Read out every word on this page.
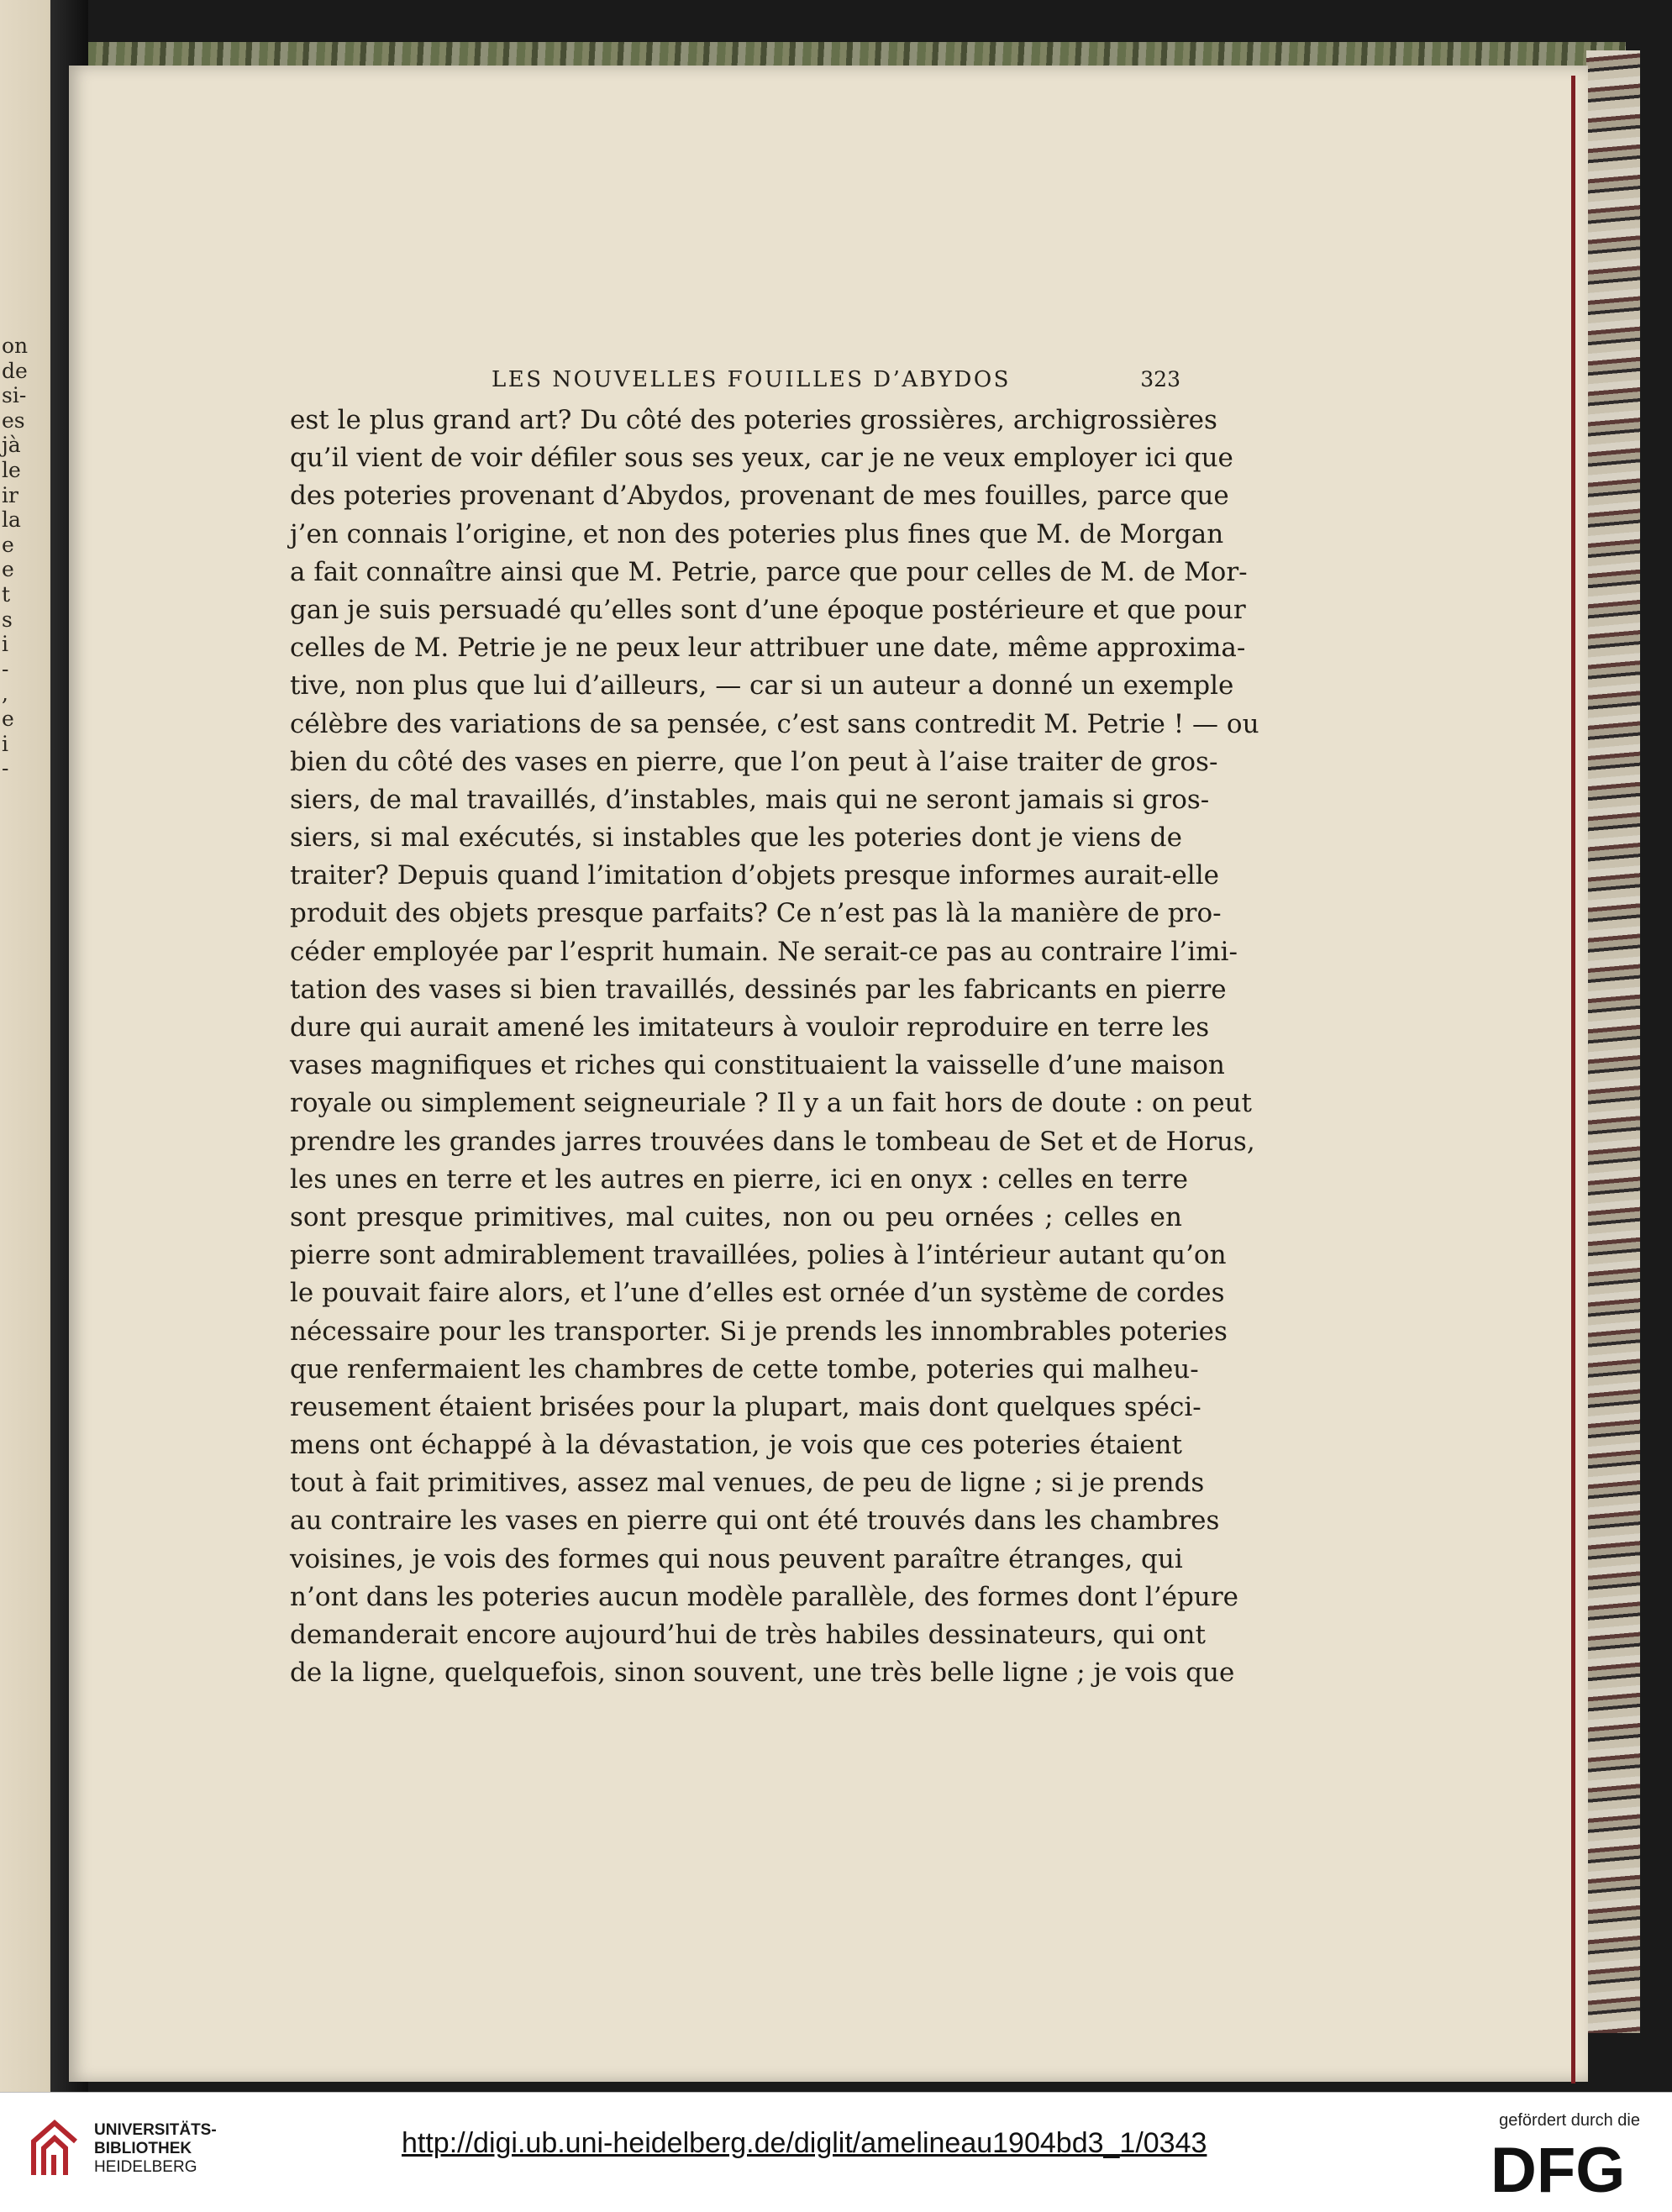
on
de
si-
es
jà
le
ir
la
e
e
t
s
i
-
,
e
i
-
LES NOUVELLES FOUILLES D’ABYDOS	323
est le plus grand art? Du côté des poteries grossières, archigrossières
qu’il vient de voir défiler sous ses yeux, car je ne veux employer ici que
des poteries provenant d’Abydos, provenant de mes fouilles, parce que
j’en connais l’origine, et non des poteries plus fines que M. de Morgan
a fait connaître ainsi que M. Petrie, parce que pour celles de M. de Mor-
gan je suis persuadé qu’elles sont d’une époque postérieure et que pour
celles de M. Petrie je ne peux leur attribuer une date, même approxima-
tive, non plus que lui d’ailleurs, — car si un auteur a donné un exemple
célèbre des variations de sa pensée, c’est sans contredit M. Petrie ! — ou
bien du côté des vases en pierre, que l’on peut à l’aise traiter de gros-
siers, de mal travaillés, d’instables, mais qui ne seront jamais si gros-
siers, si mal exécutés, si instables que les poteries dont je viens de
traiter? Depuis quand l’imitation d’objets presque informes aurait-elle
produit des objets presque parfaits? Ce n’est pas là la manière de pro-
céder employée par l’esprit humain. Ne serait-ce pas au contraire l’imi-
tation des vases si bien travaillés, dessinés par les fabricants en pierre
dure qui aurait amené les imitateurs à vouloir reproduire en terre les
vases magnifiques et riches qui constituaient la vaisselle d’une maison
royale ou simplement seigneuriale ? Il y a un fait hors de doute : on peut
prendre les grandes jarres trouvées dans le tombeau de Set et de Horus,
les unes en terre et les autres en pierre, ici en onyx : celles en terre
sont presque primitives, mal cuites, non ou peu ornées ; celles en
pierre sont admirablement travaillées, polies à l’intérieur autant qu’on
le pouvait faire alors, et l’une d’elles est ornée d’un système de cordes
nécessaire pour les transporter. Si je prends les innombrables poteries
que renfermaient les chambres de cette tombe, poteries qui malheu-
reusement étaient brisées pour la plupart, mais dont quelques spéci-
mens ont échappé à la dévastation, je vois que ces poteries étaient
tout à fait primitives, assez mal venues, de peu de ligne ; si je prends
au contraire les vases en pierre qui ont été trouvés dans les chambres
voisines, je vois des formes qui nous peuvent paraître étranges, qui
n’ont dans les poteries aucun modèle parallèle, des formes dont l’épure
demanderait encore aujourd’hui de très habiles dessinateurs, qui ont
de la ligne, quelquefois, sinon souvent, une très belle ligne ; je vois que
UNIVERSITÄTS-
BIBLIOTHEK
HEIDELBERG
http://digi.ub.uni-heidelberg.de/diglit/amelineau1904bd3_1/0343
gefördert durch die
DFG
